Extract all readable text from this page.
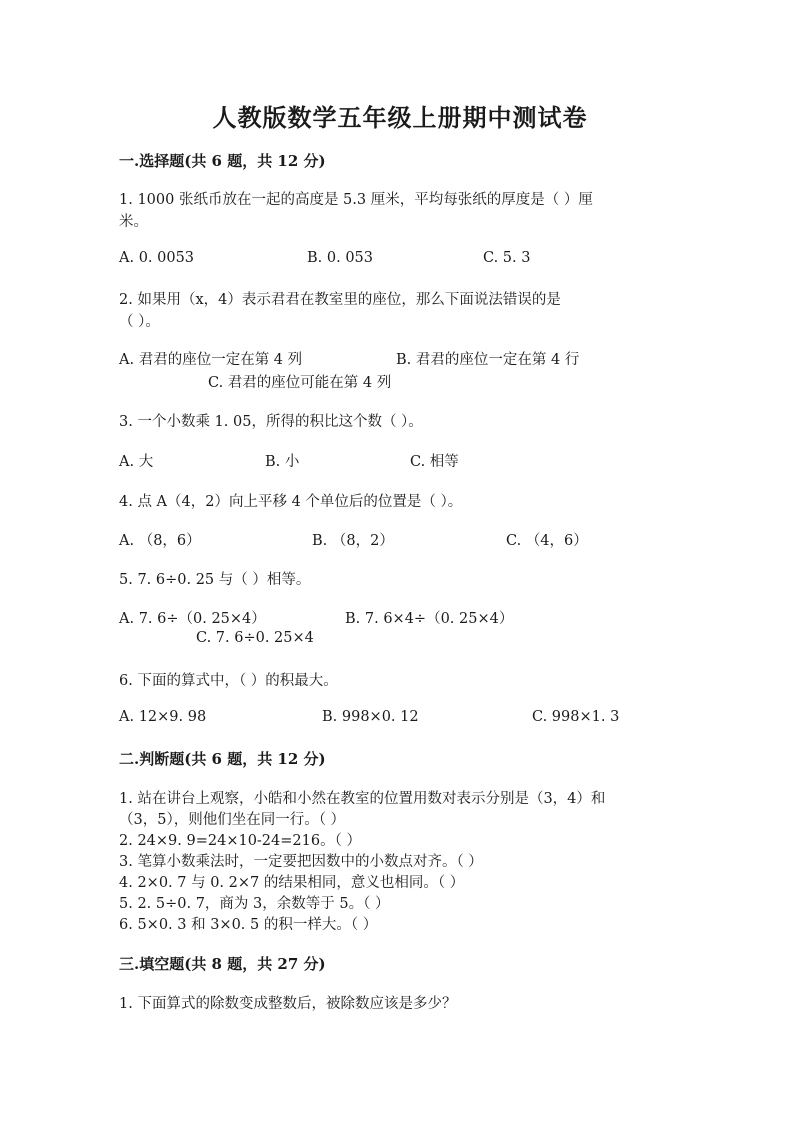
人教版数学五年级上册期中测试卷
一.选择题(共 6 题，共 12 分)
1. 1000 张纸币放在一起的高度是 5.3 厘米，平均每张纸的厚度是（ ）厘
米。
A. 0. 0053	B. 0. 053	C. 5. 3
2. 如果用（x，4）表示君君在教室里的座位，那么下面说法错误的是
（ ）。
A. 君君的座位一定在第 4 列	B. 君君的座位一定在第 4 行
C. 君君的座位可能在第 4 列
3. 一个小数乘 1. 05，所得的积比这个数（ ）。
A. 大	B. 小	C. 相等
4. 点 A（4，2）向上平移 4 个单位后的位置是（ ）。
A. （8，6）	B. （8，2）	C. （4，6）
5. 7. 6÷0. 25 与（ ）相等。
A. 7. 6÷（0. 25×4）	B. 7. 6×4÷（0. 25×4）
C. 7. 6÷0. 25×4
6. 下面的算式中，（ ）的积最大。
A. 12×9. 98	B. 998×0. 12	C. 998×1. 3
二.判断题(共 6 题，共 12 分)
1. 站在讲台上观察，小皓和小然在教室的位置用数对表示分别是（3，4）和
（3，5），则他们坐在同一行。（ ）
2. 24×9. 9=24×10-24=216。（ ）
3. 笔算小数乘法时，一定要把因数中的小数点对齐。（ ）
4. 2×0. 7 与 0. 2×7 的结果相同，意义也相同。（ ）
5. 2. 5÷0. 7，商为 3，余数等于 5。（ ）
6. 5×0. 3 和 3×0. 5 的积一样大。（ ）
三.填空题(共 8 题，共 27 分)
1. 下面算式的除数变成整数后，被除数应该是多少？
